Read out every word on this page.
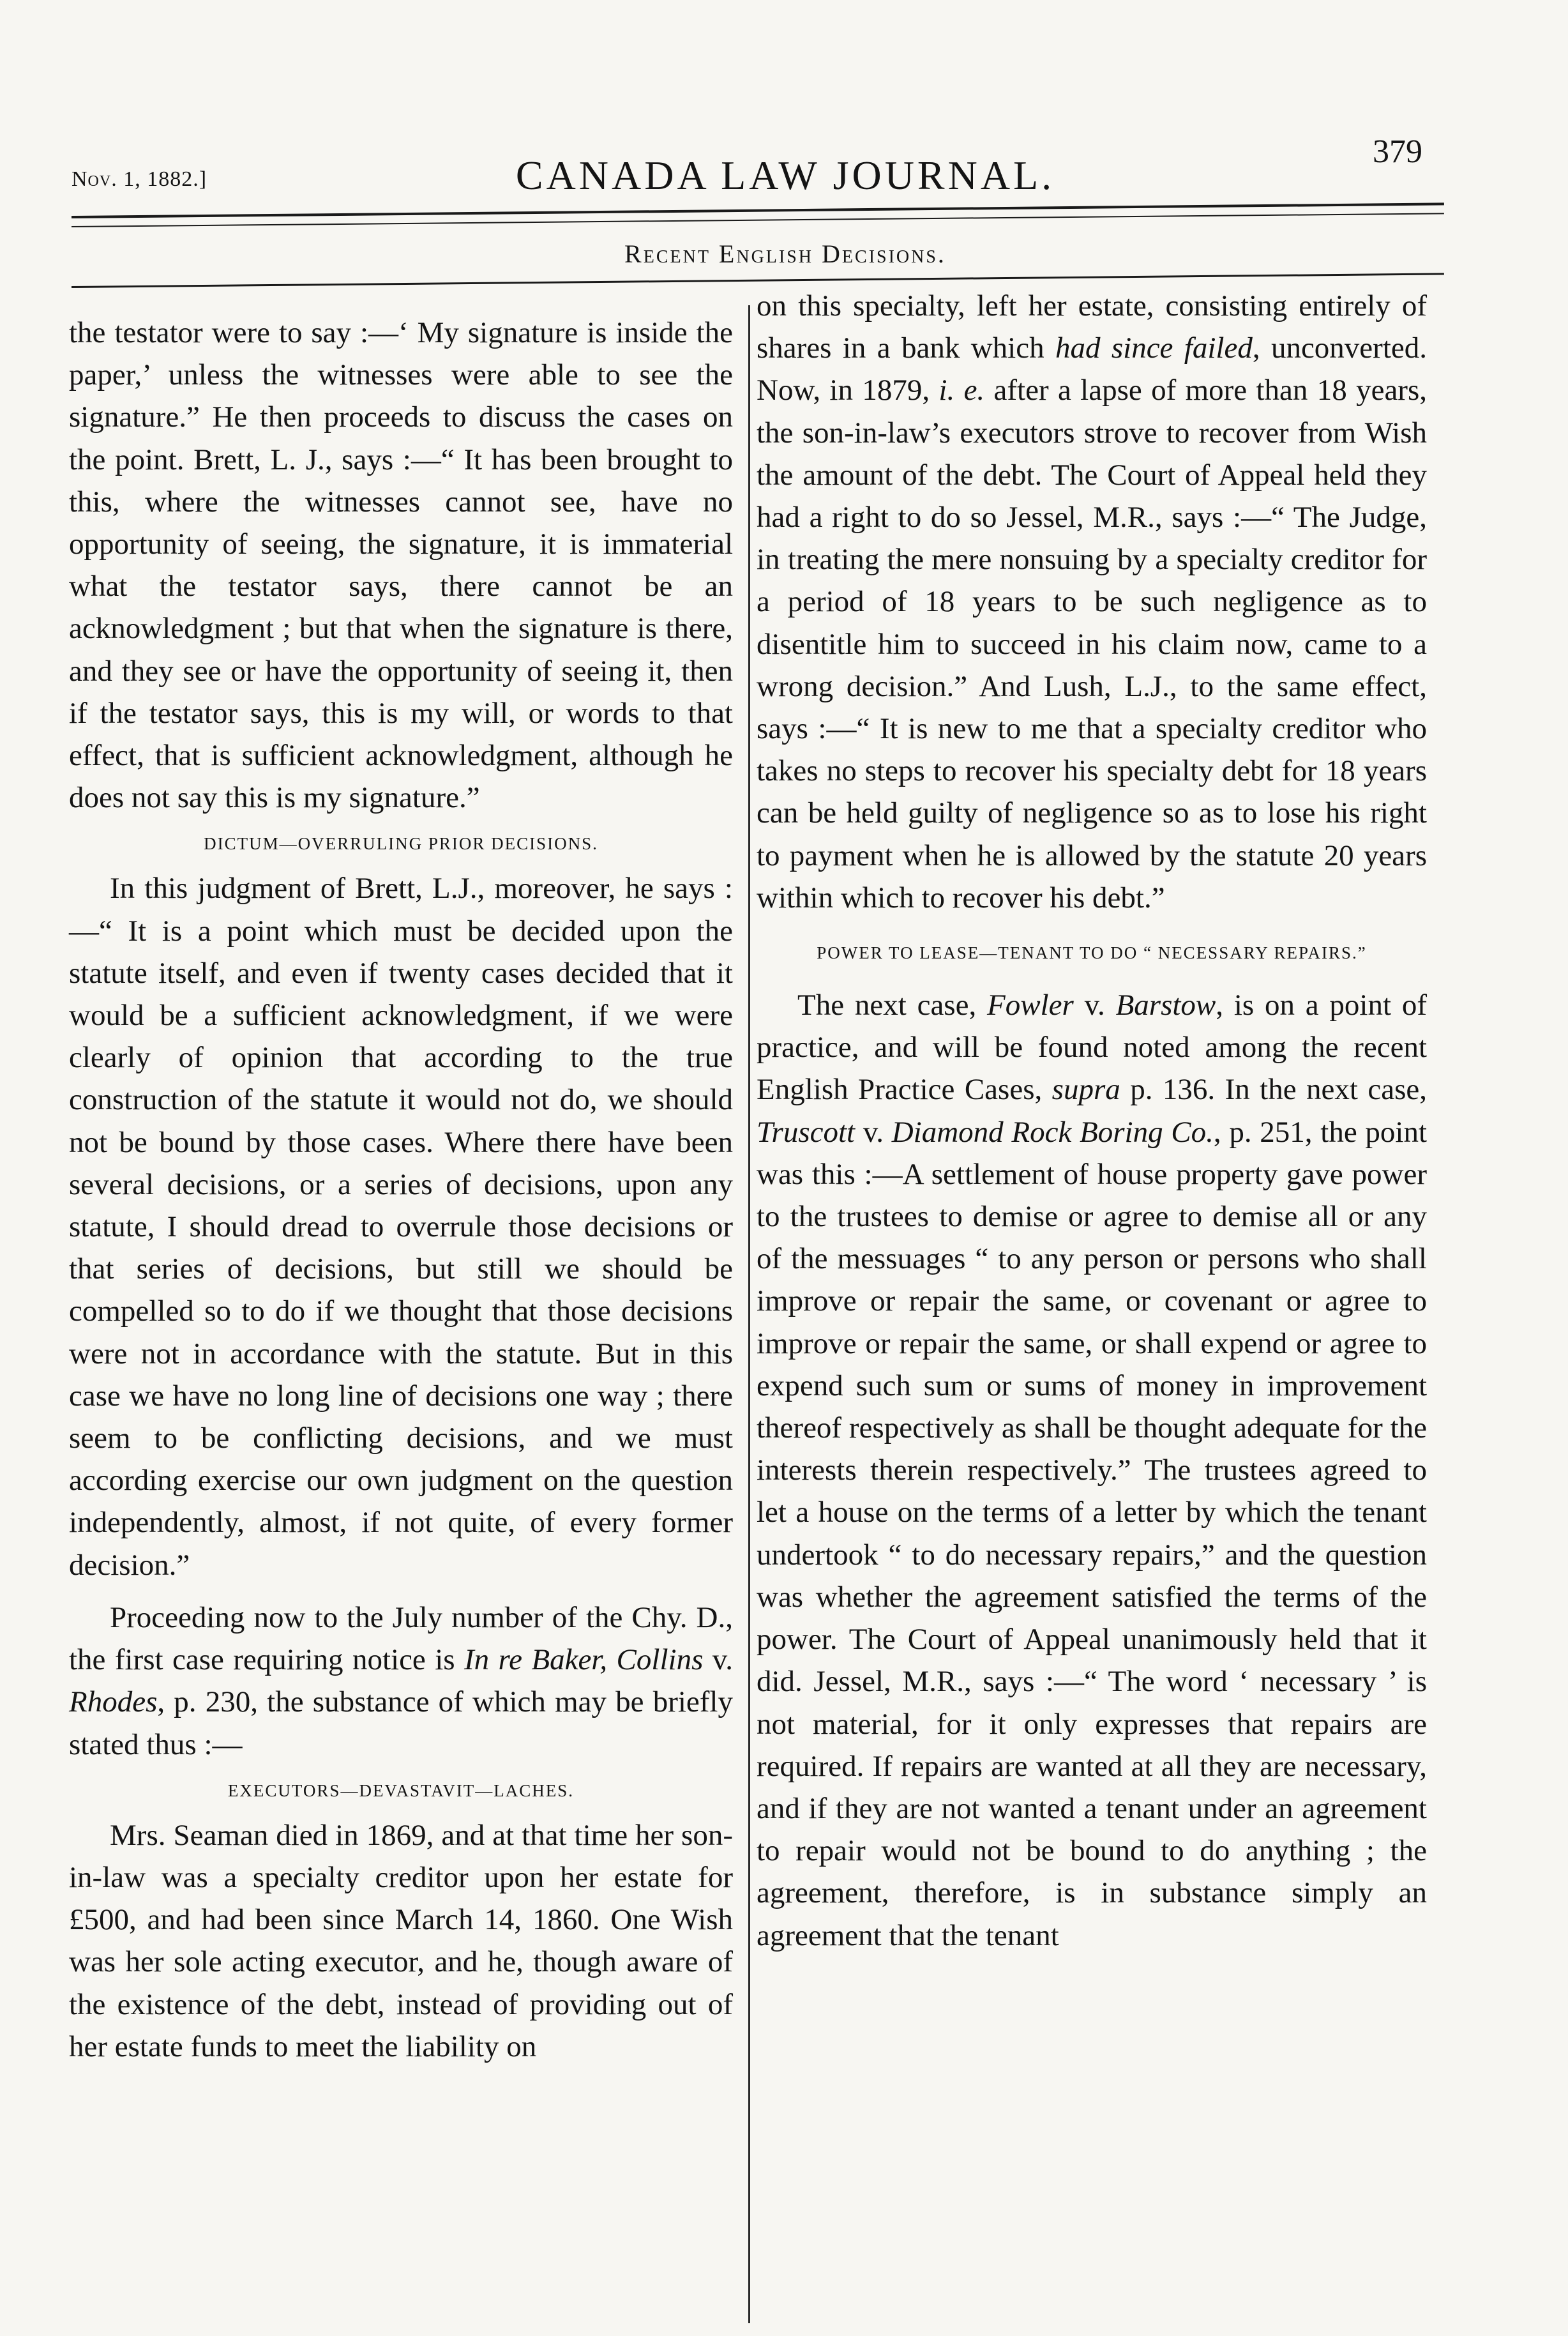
Nov. 1, 1882.]	CANADA LAW JOURNAL.
379
Recent English Decisions.

the testator were to say :—‘ My signature is inside the paper,’ unless the witnesses were able to see the signature.” He then proceeds to discuss the cases on the point. Brett, L. J., says :—“ It has been brought to this, where the witnesses cannot see, have no opportunity of seeing, the signature, it is immaterial what the testator says, there cannot be an acknowledgment ; but that when the signature is there, and they see or have the opportunity of seeing it, then if the testator says, this is my will, or words to that effect, that is sufficient acknowledgment, although he does not say this is my signature.”

DICTUM—OVERRULING PRIOR DECISIONS.

In this judgment of Brett, L.J., moreover, he says :—“ It is a point which must be decided upon the statute itself, and even if twenty cases decided that it would be a sufficient acknowledgment, if we were clearly of opinion that according to the true construction of the statute it would not do, we should not be bound by those cases. Where there have been several decisions, or a series of decisions, upon any statute, I should dread to overrule those decisions or that series of decisions, but still we should be compelled so to do if we thought that those decisions were not in accordance with the statute. But in this case we have no long line of decisions one way ; there seem to be conflicting decisions, and we must according exercise our own judgment on the question independently, almost, if not quite, of every former decision.”

Proceeding now to the July number of the Chy. D., the first case requiring notice is In re Baker, Collins v. Rhodes, p. 230, the substance of which may be briefly stated thus :—

EXECUTORS—DEVASTAVIT—LACHES.

Mrs. Seaman died in 1869, and at that time her son-in-law was a specialty creditor upon her estate for £500, and had been since March 14, 1860. One Wish was her sole acting executor, and he, though aware of the existence of the debt, instead of providing out of her estate funds to meet the liability on

on this specialty, left her estate, consisting entirely of shares in a bank which had since failed, unconverted. Now, in 1879, i. e. after a lapse of more than 18 years, the son-in-law’s executors strove to recover from Wish the amount of the debt. The Court of Appeal held they had a right to do so Jessel, M.R., says :—“ The Judge, in treating the mere nonsuing by a specialty creditor for a period of 18 years to be such negligence as to disentitle him to succeed in his claim now, came to a wrong decision.” And Lush, L.J., to the same effect, says :—“ It is new to me that a specialty creditor who takes no steps to recover his specialty debt for 18 years can be held guilty of negligence so as to lose his right to payment when he is allowed by the statute 20 years within which to recover his debt.”

POWER TO LEASE—TENANT TO DO “ NECESSARY REPAIRS.”

The next case, Fowler v. Barstow, is on a point of practice, and will be found noted among the recent English Practice Cases, supra p. 136. In the next case, Truscott v. Diamond Rock Boring Co., p. 251, the point was this :—A settlement of house property gave power to the trustees to demise or agree to demise all or any of the messuages “ to any person or persons who shall improve or repair the same, or covenant or agree to improve or repair the same, or shall expend or agree to expend such sum or sums of money in improvement thereof respectively as shall be thought adequate for the interests therein respectively.” The trustees agreed to let a house on the terms of a letter by which the tenant undertook “ to do necessary repairs,” and the question was whether the agreement satisfied the terms of the power. The Court of Appeal unanimously held that it did. Jessel, M.R., says :—“ The word ‘ necessary ’ is not material, for it only expresses that repairs are required. If repairs are wanted at all they are necessary, and if they are not wanted a tenant under an agreement to repair would not be bound to do anything ; the agreement, therefore, is in substance simply an agreement that the tenant
